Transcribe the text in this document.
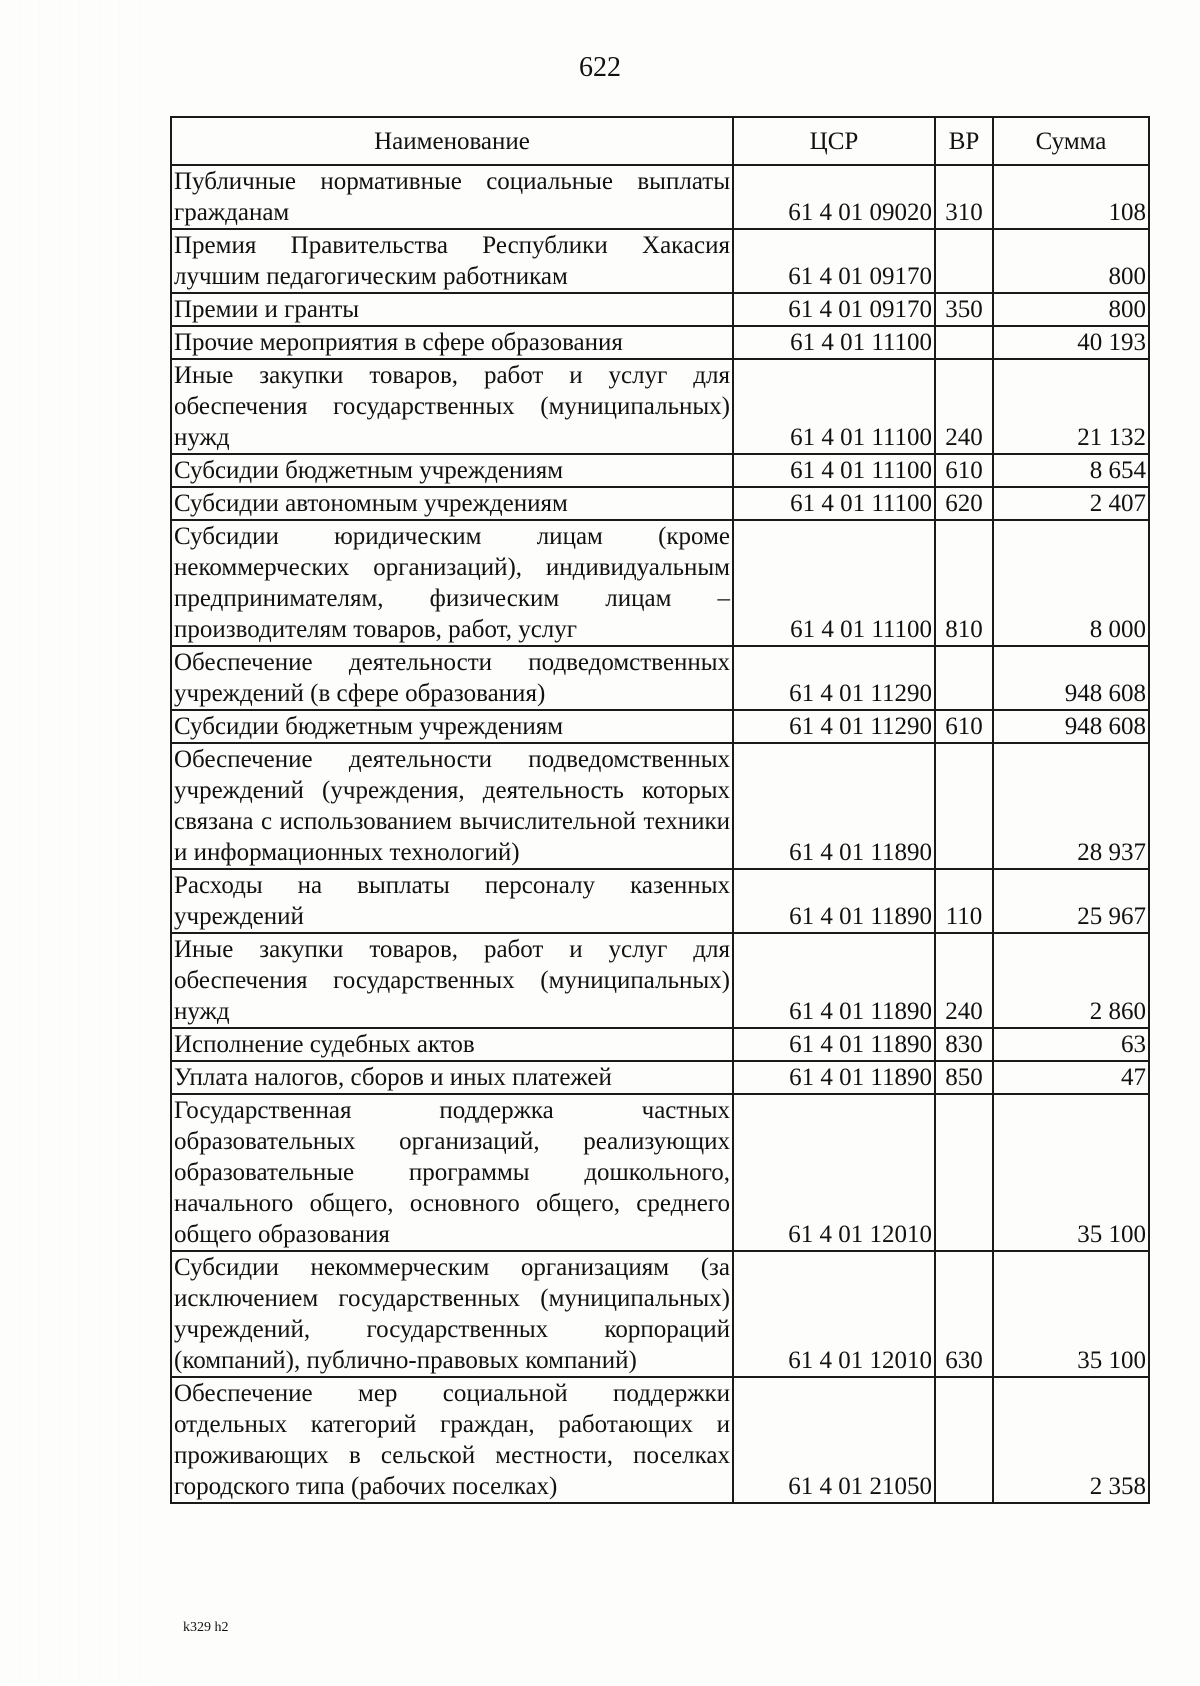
622
Наименование	ЦСР	ВР	Сумма
Публичные нормативные социальные выплаты гражданам	61 4 01 09020	310	108
Премия Правительства Республики Хакасия лучшим педагогическим работникам	61 4 01 09170		800
Премии и гранты	61 4 01 09170	350	800
Прочие мероприятия в сфере образования	61 4 01 11100		40 193
Иные закупки товаров, работ и услуг для обеспечения государственных (муниципальных) нужд	61 4 01 11100	240	21 132
Субсидии бюджетным учреждениям	61 4 01 11100	610	8 654
Субсидии автономным учреждениям	61 4 01 11100	620	2 407
Субсидии юридическим лицам (кроме некоммерческих организаций), индивидуальным предпринимателям, физическим лицам – производителям товаров, работ, услуг	61 4 01 11100	810	8 000
Обеспечение деятельности подведомственных учреждений (в сфере образования)	61 4 01 11290		948 608
Субсидии бюджетным учреждениям	61 4 01 11290	610	948 608
Обеспечение деятельности подведомственных учреждений (учреждения, деятельность которых связана с использованием вычислительной техники и информационных технологий)	61 4 01 11890		28 937
Расходы на выплаты персоналу казенных учреждений	61 4 01 11890	110	25 967
Иные закупки товаров, работ и услуг для обеспечения государственных (муниципальных) нужд	61 4 01 11890	240	2 860
Исполнение судебных актов	61 4 01 11890	830	63
Уплата налогов, сборов и иных платежей	61 4 01 11890	850	47
Государственная поддержка частных образовательных организаций, реализующих образовательные программы дошкольного, начального общего, основного общего, среднего общего образования	61 4 01 12010		35 100
Субсидии некоммерческим организациям (за исключением государственных (муниципальных) учреждений, государственных корпораций (компаний), публично-правовых компаний)	61 4 01 12010	630	35 100
Обеспечение мер социальной поддержки отдельных категорий граждан, работающих и проживающих в сельской местности, поселках городского типа (рабочих поселках)	61 4 01 21050		2 358
k329 h2
